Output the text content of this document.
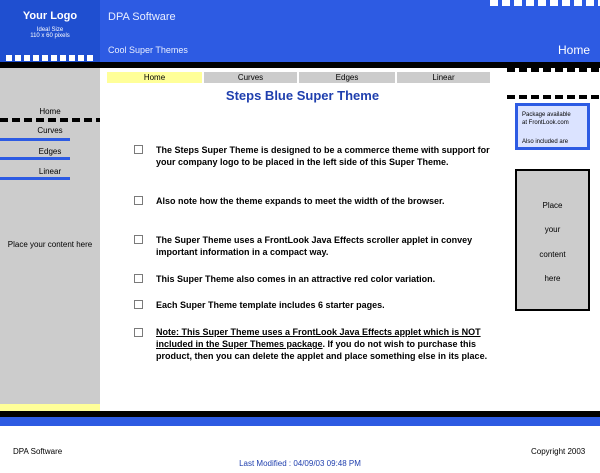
Your Logo
Ideal Size
110 x 60 pixels
DPA Software
Cool Super Themes	Home
Home
Curves
Edges
Linear
Place your content here
Home	Curves	Edges	Linear
Steps Blue Super Theme
The Steps Super Theme is designed to be a commerce theme with support for your company logo to be placed in the left side of this Super Theme.
Also note how the theme expands to meet the width of the browser.
The Super Theme uses a FrontLook Java Effects scroller applet in convey important information in a compact way.
This Super Theme also comes in an attractive red color variation.
Each Super Theme template includes 6 starter pages.
Note: This Super Theme uses a FrontLook Java Effects applet which is NOT included in the Super Themes package. If you do not wish to purchase this product, then you can delete the applet and place something else in its place.
Package available
at FrontLook.com
Also included are
Place
your
content
here
DPA Software	Copyright 2003
Last Modified : 04/09/03 09:48 PM
